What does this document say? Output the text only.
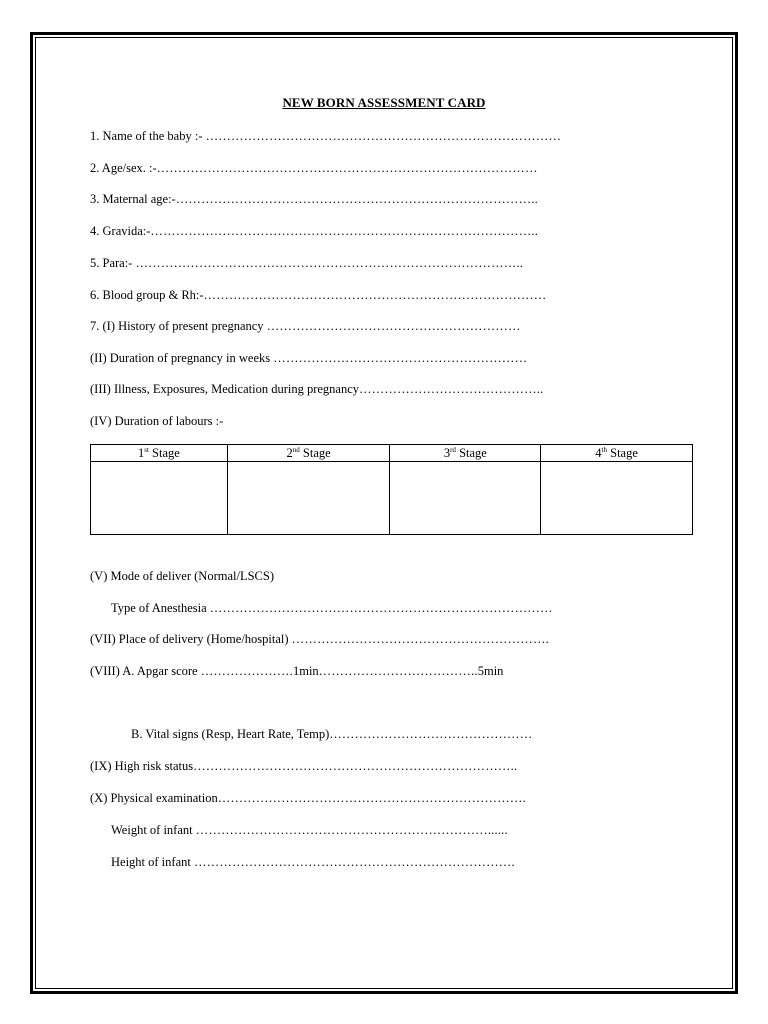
NEW BORN ASSESSMENT CARD
1. Name of the baby :- …………………………………………………………………………
2. Age/sex. :-………………………………………………………………………………
3. Maternal age:-…………………………………………………………………………..
4. Gravida:-………………………………………………………………………………..
5. Para:- ………………………………………………………………………………..
6. Blood group & Rh:-………………………………………………………………………
7. (I) History of present pregnancy ……………………………………………………
(II) Duration of pregnancy in weeks ……………………………………………………
(III) Illness, Exposures, Medication during pregnancy……………………………………..
(IV) Duration of labours :-
1st Stage	2nd Stage	3rd Stage	4th Stage

(V) Mode of deliver (Normal/LSCS)
Type of Anesthesia ………………………………………………………………………
(VII) Place of delivery (Home/hospital) …………………………………………………….
(VIII) A. Apgar score ………………….1min………………………………..5min
B. Vital signs (Resp, Heart Rate, Temp)…………………………………………
(IX) High risk status…………………………………………………………………..
(X) Physical examination……………………………………………………………….
Weight of infant ……………………………………………………………......
Height of infant ………………………………………………………………….
